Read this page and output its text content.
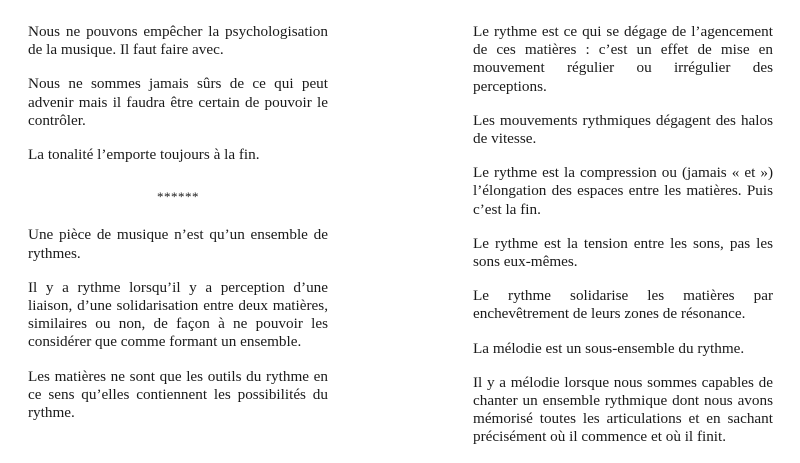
Nous ne pouvons empêcher la psychologisation de la musique. Il faut faire avec.

Nous ne sommes jamais sûrs de ce qui peut advenir mais il faudra être certain de pouvoir le contrôler.

La tonalité l’emporte toujours à la fin.

******

Une pièce de musique n’est qu’un ensemble de rythmes.

Il y a rythme lorsqu’il y a perception d’une liaison, d’une solidarisation entre deux matières, similaires ou non, de façon à ne pouvoir les considérer que comme formant un ensemble.

Les matières ne sont que les outils du rythme en ce sens qu’elles contiennent les possibilités du rythme.

Le rythme est ce qui se dégage de l’agencement de ces matières : c’est un effet de mise en mouvement régulier ou irrégulier des perceptions.

Les mouvements rythmiques dégagent des halos de vitesse.

Le rythme est la compression ou (jamais « et ») l’élongation des espaces entre les matières. Puis c’est la fin.

Le rythme est la tension entre les sons, pas les sons eux-mêmes.

Le rythme solidarise les matières par enchevêtrement de leurs zones de résonance.

La mélodie est un sous-ensemble du rythme.

Il y a mélodie lorsque nous sommes capables de chanter un ensemble rythmique dont nous avons mémorisé toutes les articulations et en sachant précisément où il commence et où il finit.
